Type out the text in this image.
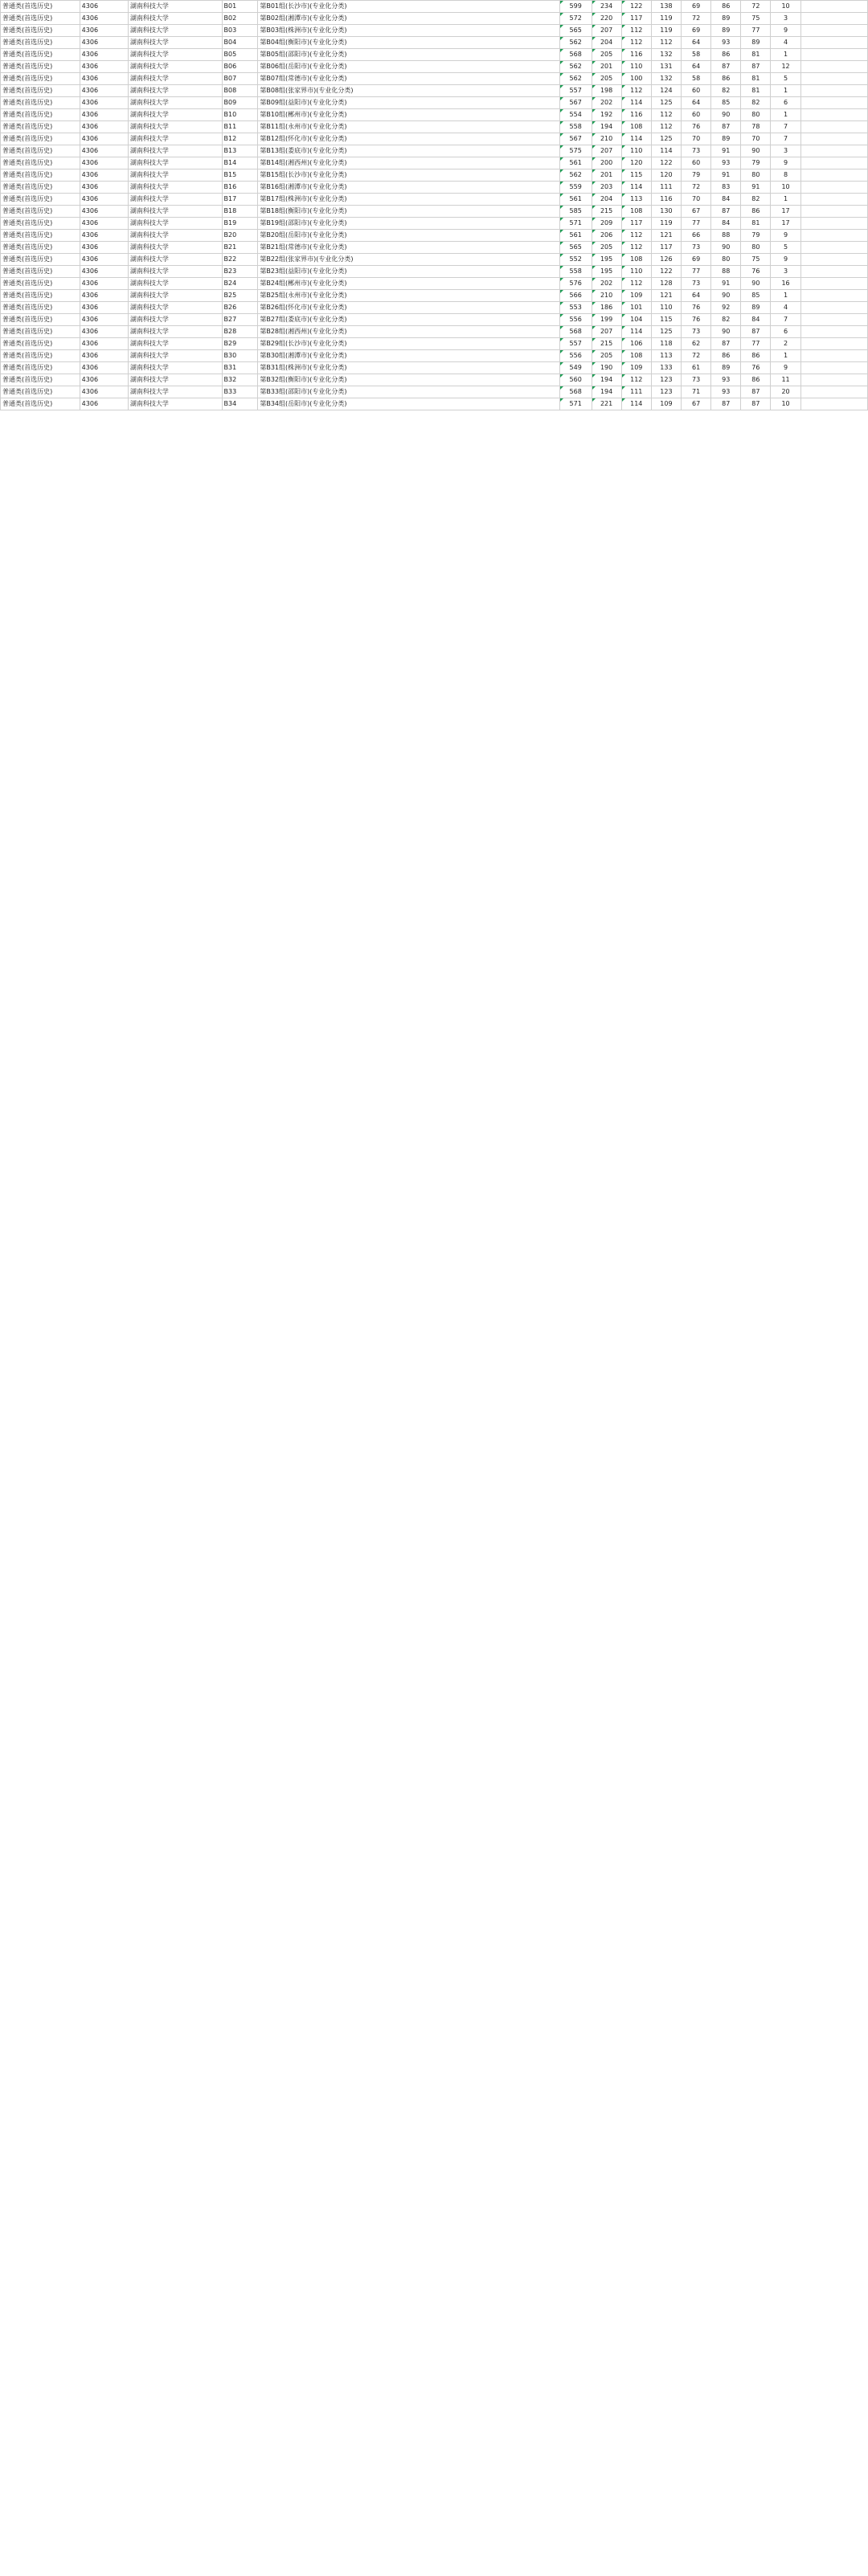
普通类(首选历史)	4306	湖南科技大学	B01	第B01组(长沙市)(专业化分类)	599	234	122	138	69	86	72	10	
普通类(首选历史)	4306	湖南科技大学	B02	第B02组(湘潭市)(专业化分类)	572	220	117	119	72	89	75	3	
普通类(首选历史)	4306	湖南科技大学	B03	第B03组(株洲市)(专业化分类)	565	207	112	119	69	89	77	9	
普通类(首选历史)	4306	湖南科技大学	B04	第B04组(衡阳市)(专业化分类)	562	204	112	112	64	93	89	4	
普通类(首选历史)	4306	湖南科技大学	B05	第B05组(邵阳市)(专业化分类)	568	205	116	132	58	86	81	1	
普通类(首选历史)	4306	湖南科技大学	B06	第B06组(岳阳市)(专业化分类)	562	201	110	131	64	87	87	12	
普通类(首选历史)	4306	湖南科技大学	B07	第B07组(常德市)(专业化分类)	562	205	100	132	58	86	81	5	
普通类(首选历史)	4306	湖南科技大学	B08	第B08组(张家界市)(专业化分类)	557	198	112	124	60	82	81	1	
普通类(首选历史)	4306	湖南科技大学	B09	第B09组(益阳市)(专业化分类)	567	202	114	125	64	85	82	6	
普通类(首选历史)	4306	湖南科技大学	B10	第B10组(郴州市)(专业化分类)	554	192	116	112	60	90	80	1	
普通类(首选历史)	4306	湖南科技大学	B11	第B11组(永州市)(专业化分类)	558	194	108	112	76	87	78	7	
普通类(首选历史)	4306	湖南科技大学	B12	第B12组(怀化市)(专业化分类)	567	210	114	125	70	89	70	7	
普通类(首选历史)	4306	湖南科技大学	B13	第B13组(娄底市)(专业化分类)	575	207	110	114	73	91	90	3	
普通类(首选历史)	4306	湖南科技大学	B14	第B14组(湘西州)(专业化分类)	561	200	120	122	60	93	79	9	
普通类(首选历史)	4306	湖南科技大学	B15	第B15组(长沙市)(专业化分类)	562	201	115	120	79	91	80	8	
普通类(首选历史)	4306	湖南科技大学	B16	第B16组(湘潭市)(专业化分类)	559	203	114	111	72	83	91	10	
普通类(首选历史)	4306	湖南科技大学	B17	第B17组(株洲市)(专业化分类)	561	204	113	116	70	84	82	1	
普通类(首选历史)	4306	湖南科技大学	B18	第B18组(衡阳市)(专业化分类)	585	215	108	130	67	87	86	17	
普通类(首选历史)	4306	湖南科技大学	B19	第B19组(邵阳市)(专业化分类)	571	209	117	119	77	84	81	17	
普通类(首选历史)	4306	湖南科技大学	B20	第B20组(岳阳市)(专业化分类)	561	206	112	121	66	88	79	9	
普通类(首选历史)	4306	湖南科技大学	B21	第B21组(常德市)(专业化分类)	565	205	112	117	73	90	80	5	
普通类(首选历史)	4306	湖南科技大学	B22	第B22组(张家界市)(专业化分类)	552	195	108	126	69	80	75	9	
普通类(首选历史)	4306	湖南科技大学	B23	第B23组(益阳市)(专业化分类)	558	195	110	122	77	88	76	3	
普通类(首选历史)	4306	湖南科技大学	B24	第B24组(郴州市)(专业化分类)	576	202	112	128	73	91	90	16	
普通类(首选历史)	4306	湖南科技大学	B25	第B25组(永州市)(专业化分类)	566	210	109	121	64	90	85	1	
普通类(首选历史)	4306	湖南科技大学	B26	第B26组(怀化市)(专业化分类)	553	186	101	110	76	92	89	4	
普通类(首选历史)	4306	湖南科技大学	B27	第B27组(娄底市)(专业化分类)	556	199	104	115	76	82	84	7	
普通类(首选历史)	4306	湖南科技大学	B28	第B28组(湘西州)(专业化分类)	568	207	114	125	73	90	87	6	
普通类(首选历史)	4306	湖南科技大学	B29	第B29组(长沙市)(专业化分类)	557	215	106	118	62	87	77	2	
普通类(首选历史)	4306	湖南科技大学	B30	第B30组(湘潭市)(专业化分类)	556	205	108	113	72	86	86	1	
普通类(首选历史)	4306	湖南科技大学	B31	第B31组(株洲市)(专业化分类)	549	190	109	133	61	89	76	9	
普通类(首选历史)	4306	湖南科技大学	B32	第B32组(衡阳市)(专业化分类)	560	194	112	123	73	93	86	11	
普通类(首选历史)	4306	湖南科技大学	B33	第B33组(邵阳市)(专业化分类)	568	194	111	123	71	93	87	20	
普通类(首选历史)	4306	湖南科技大学	B34	第B34组(岳阳市)(专业化分类)	571	221	114	109	67	87	87	10	
